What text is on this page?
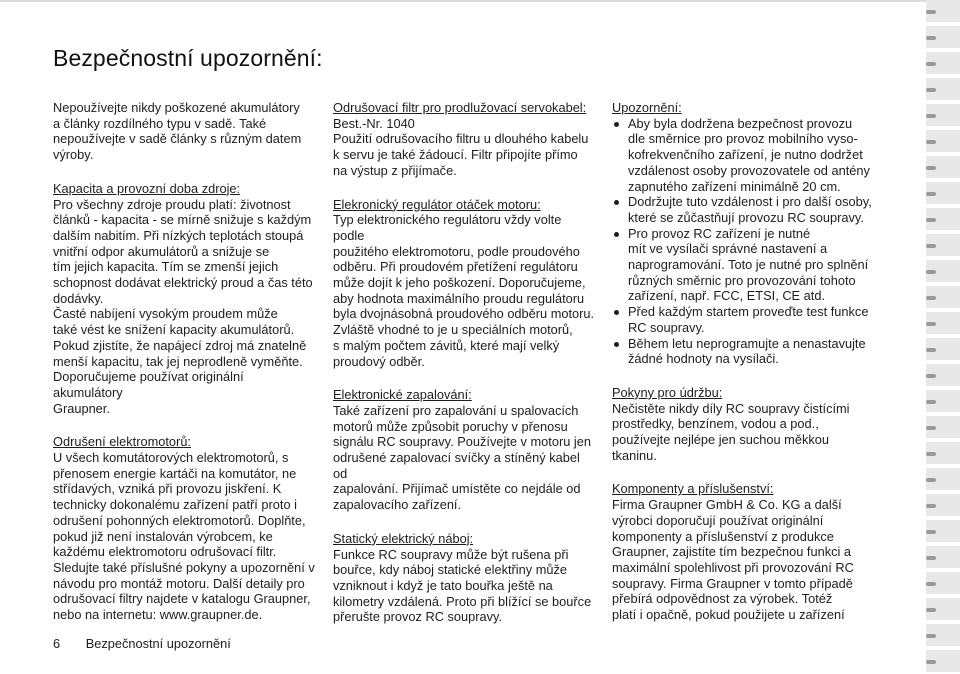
Bezpečnostní upozornění:
Nepoužívejte nikdy poškozené akumulátory
a články rozdílného typu v sadě. Také
nepoužívejte v sadě články s různým datem
výroby.
Kapacita a provozní doba zdroje:
Pro všechny zdroje proudu platí: životnost
článků - kapacita - se mírně snižuje s každým
dalším nabitím. Při nízkých teplotách stoupá
vnitřní odpor akumulátorů a snižuje se
tím jejich kapacita. Tím se zmenší jejich
schopnost dodávat elektrický proud a čas této
dodávky.
Časté nabíjení vysokým proudem může
také vést ke snížení kapacity akumulátorů.
Pokud zjistíte, že napájecí zdroj má znatelně
menší kapacitu, tak jej neprodleně vyměňte.
Doporučujeme používat originální akumulátory
Graupner.
Odrušení elektromotorů:
U všech komutátorových elektromotorů, s
přenosem energie kartáči na komutátor, ne
střídavých, vzniká při provozu jiskření. K
technicky dokonalému zařízení patří proto i
odrušení pohonných elektromotorů. Doplňte,
pokud již není instalován výrobcem, ke
každému elektromotoru odrušovací filtr.
Sledujte také příslušné pokyny a upozornění v
návodu pro montáž motoru. Další detaily pro
odrušovací filtry najdete v katalogu Graupner,
nebo na internetu: www.graupner.de.
Odrušovací filtr pro prodlužovací servokabel:
Best.-Nr. 1040
Použití odrušovacího filtru u dlouhého kabelu
k servu je také žádoucí. Filtr připojíte přímo
na výstup z přijímače.
Elekronický regulátor otáček motoru:
Typ elektronického regulátoru vždy volte podle
použitého elektromotoru, podle proudového
odběru. Při proudovém přetížení regulátoru
může dojít k jeho poškození. Doporučujeme,
aby hodnota maximálního proudu regulátoru
byla dvojnásobná proudového odběru motoru.
Zvláště vhodné to je u speciálních motorů,
s malým počtem závitů, které mají velký
proudový odběr.
Elektronické zapalování:
Také zařízení pro zapalování u spalovacích
motorů může způsobit poruchy v přenosu
signálu RC soupravy. Používejte v motoru jen
odrušené zapalovací svíčky a stíněný kabel od
zapalování. Přijímač umístěte co nejdále od
zapalovacího zařízení.
Statický elektrický náboj:
Funkce RC soupravy může být rušena při
bouřce, kdy náboj statické elektřiny může
vzniknout i když je tato bouřka ještě na
kilometry vzdálená. Proto při blížící se bouřce
přerušte provoz RC soupravy.
Upozornění:
Aby byla dodržena bezpečnost provozu
dle směrnice pro provoz mobilního vyso-
kofrekvenčního zařízení, je nutno dodržet
vzdálenost osoby provozovatele od antény
zapnutého zařízení minimálně 20 cm.
Dodržujte tuto vzdálenost i pro další osoby,
které se zůčastňují provozu RC soupravy.
Pro provoz RC zařízení je nutné
mít ve vysílači správné nastavení a
naprogramování. Toto je nutné pro splnění
různých směrnic pro provozování tohoto
zařízení, např. FCC, ETSI, CE atd.
Před každým startem proveďte test funkce
RC soupravy.
Během letu neprogramujte a nenastavujte
žádné hodnoty na vysílači.
Pokyny pro údržbu:
Nečistěte nikdy díly RC soupravy čistícími
prostředky, benzínem, vodou a pod.,
používejte nejlépe jen suchou měkkou
tkaninu.
Komponenty a příslušenství:
Firma Graupner GmbH & Co. KG a další
výrobci doporučují používat originální
komponenty a příslušenství z produkce
Graupner, zajistíte tím bezpečnou funkci a
maximální spolehlivost při provozování RC
soupravy. Firma Graupner v tomto případě
přebírá odpovědnost za výrobek. Totéž
platí i opačně, pokud použijete u zařízení
6 Bezpečnostní upozornění
